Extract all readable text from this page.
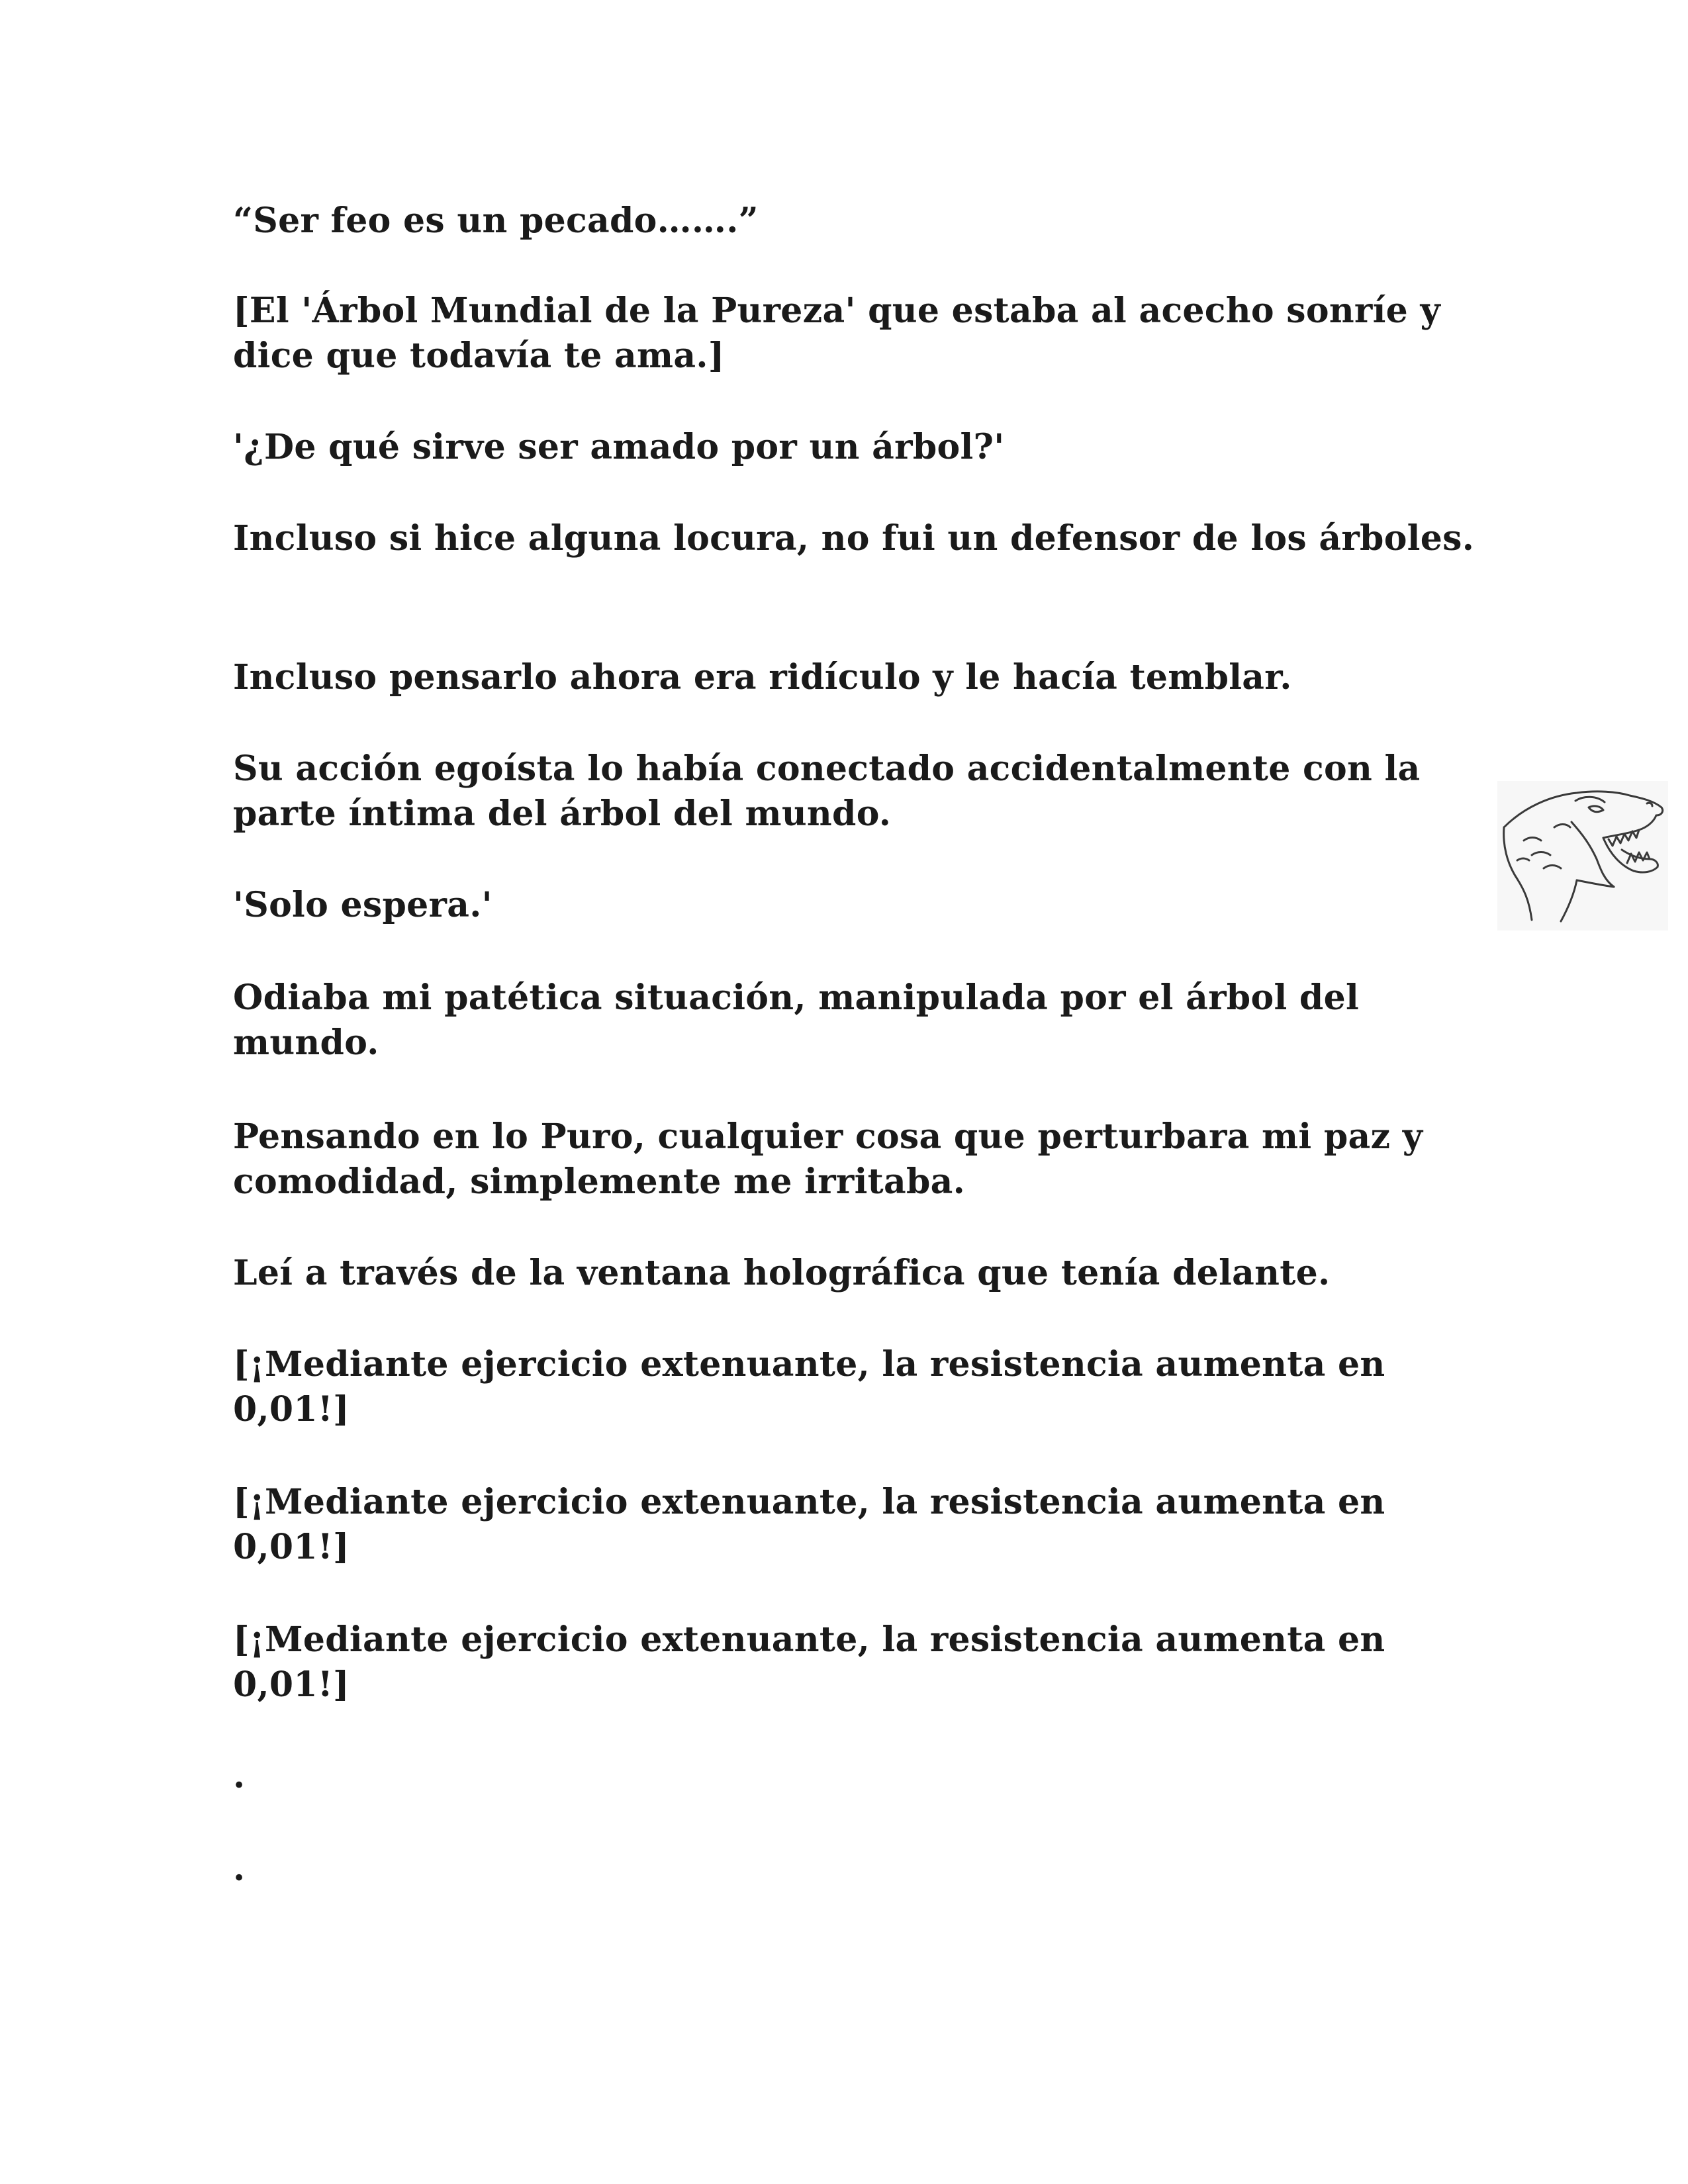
“Ser feo es un pecado…….”

[El 'Árbol Mundial de la Pureza' que estaba al acecho sonríe y dice que todavía te ama.]

'¿De qué sirve ser amado por un árbol?'

Incluso si hice alguna locura, no fui un defensor de los árboles.

Incluso pensarlo ahora era ridículo y le hacía temblar.

Su acción egoísta lo había conectado accidentalmente con la parte íntima del árbol del mundo.

'Solo espera.'

Odiaba mi patética situación, manipulada por el árbol del mundo.

Pensando en lo Puro, cualquier cosa que perturbara mi paz y comodidad, simplemente me irritaba.

Leí a través de la ventana holográfica que tenía delante.

[¡Mediante ejercicio extenuante, la resistencia aumenta en 0,01!]

[¡Mediante ejercicio extenuante, la resistencia aumenta en 0,01!]

[¡Mediante ejercicio extenuante, la resistencia aumenta en 0,01!]

.

.
